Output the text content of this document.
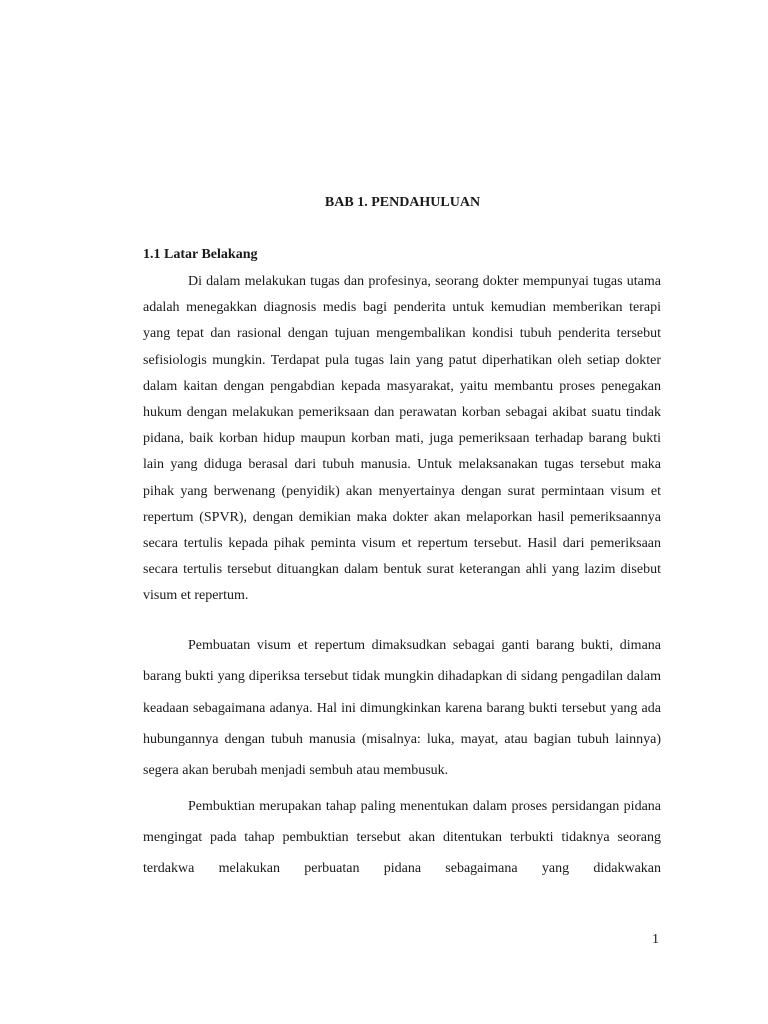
BAB 1. PENDAHULUAN
1.1 Latar Belakang

Di dalam melakukan tugas dan profesinya, seorang dokter mempunyai tugas utama adalah menegakkan diagnosis medis bagi penderita untuk kemudian memberikan terapi yang tepat dan rasional dengan tujuan mengembalikan kondisi tubuh penderita tersebut sefisiologis mungkin. Terdapat pula tugas lain yang patut diperhatikan oleh setiap dokter dalam kaitan dengan pengabdian kepada masyarakat, yaitu membantu proses penegakan hukum dengan melakukan pemeriksaan dan perawatan korban sebagai akibat suatu tindak pidana, baik korban hidup maupun korban mati, juga pemeriksaan terhadap barang bukti lain yang diduga berasal dari tubuh manusia. Untuk melaksanakan tugas tersebut maka pihak yang berwenang (penyidik) akan menyertainya dengan surat permintaan visum et repertum (SPVR), dengan demikian maka dokter akan melaporkan hasil pemeriksaannya secara tertulis kepada pihak peminta visum et repertum tersebut. Hasil dari pemeriksaan secara tertulis tersebut dituangkan dalam bentuk surat keterangan ahli yang lazim disebut visum et repertum.

Pembuatan visum et repertum dimaksudkan sebagai ganti barang bukti, dimana barang bukti yang diperiksa tersebut tidak mungkin dihadapkan di sidang pengadilan dalam keadaan sebagaimana adanya. Hal ini dimungkinkan karena barang bukti tersebut yang ada hubungannya dengan tubuh manusia (misalnya: luka, mayat, atau bagian tubuh lainnya) segera akan berubah menjadi sembuh atau membusuk.

Pembuktian merupakan tahap paling menentukan dalam proses persidangan pidana mengingat pada tahap pembuktian tersebut akan ditentukan terbukti tidaknya seorang terdakwa melakukan perbuatan pidana sebagaimana yang didakwakan

1
